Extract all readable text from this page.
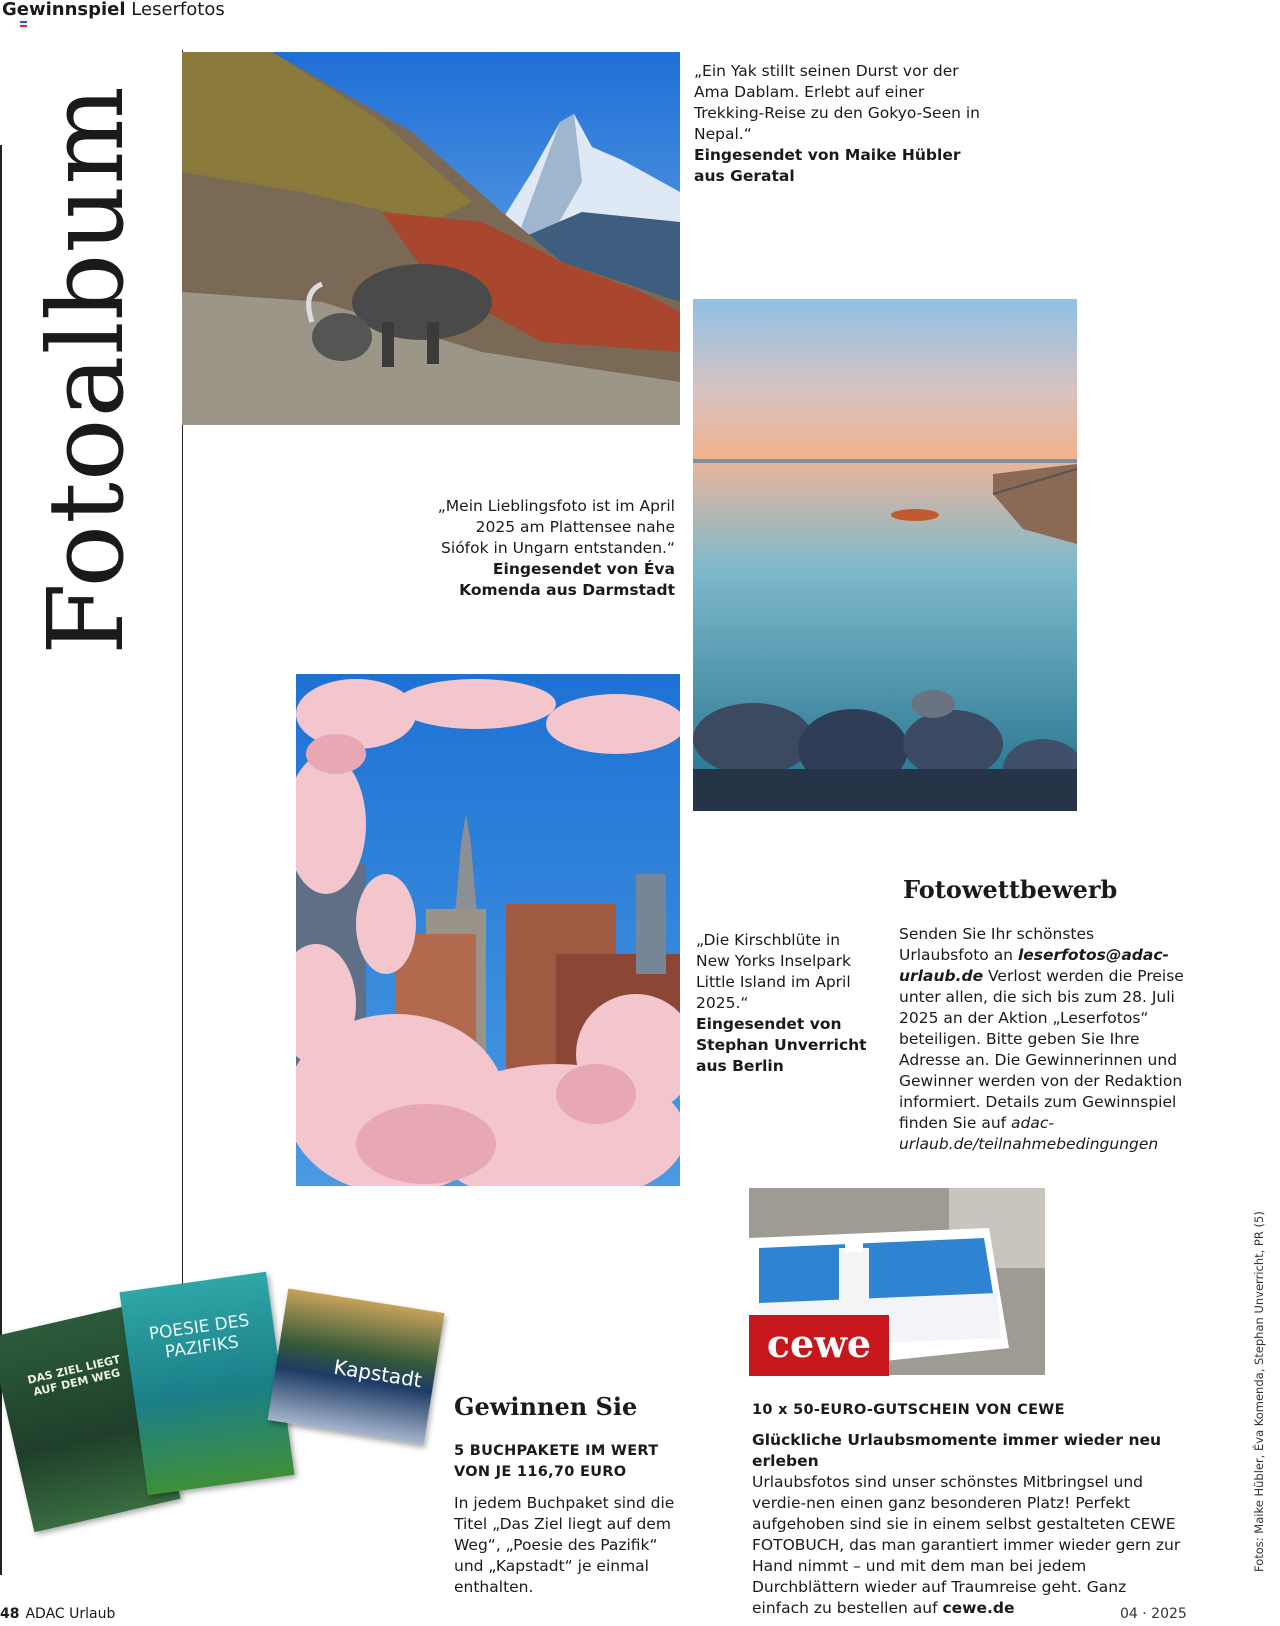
Gewinnspiel Leserfotos
Fotoalbum
„Ein Yak stillt seinen Durst vor der Ama Dablam. Erlebt auf einer Trekking-Reise zu den Gokyo-Seen in Nepal.“
Eingesendet von Maike Hübler aus Geratal
„Mein Lieblingsfoto ist im April 2025 am Plattensee nahe Siófok in Ungarn entstanden.“
Eingesendet von Éva Komenda aus Darmstadt
„Die Kirschblüte in New Yorks Inselpark Little Island im April 2025.“
Eingesendet von Stephan Unverricht aus Berlin
Fotowettbewerb
Senden Sie Ihr schönstes Urlaubsfoto an leserfotos@adac-urlaub.de Verlost werden die Preise unter allen, die sich bis zum 28. Juli 2025 an der Aktion „Leserfotos“ beteiligen. Bitte geben Sie Ihre Adresse an. Die Gewinnerinnen und Gewinner werden von der Redaktion informiert. Details zum Gewinnspiel finden Sie auf adac-urlaub.de/teilnahmebedingungen
cewe
DAS ZIEL LIEGT AUF DEM WEG
POESIE DES PAZIFIKS
Kapstadt
Gewinnen Sie
5 BUCHPAKETE IM WERT VON JE 116,70 EURO
In jedem Buchpaket sind die Titel „Das Ziel liegt auf dem Weg“, „Poesie des Pazifik“ und „Kapstadt“ je einmal enthalten.
10 x 50-EURO-GUTSCHEIN VON CEWE
Glückliche Urlaubsmomente immer wieder neu erleben
Urlaubsfotos sind unser schönstes Mitbringsel und verdie-nen einen ganz besonderen Platz! Perfekt aufgehoben sind sie in einem selbst gestalteten CEWE FOTOBUCH, das man garantiert immer wieder gern zur Hand nimmt – und mit dem man bei jedem Durchblättern wieder auf Traumreise geht. Ganz einfach zu bestellen auf cewe.de
Fotos: Maike Hübler, Éva Komenda, Stephan Unverricht, PR (5)
48 ADAC Urlaub	04 · 2025
